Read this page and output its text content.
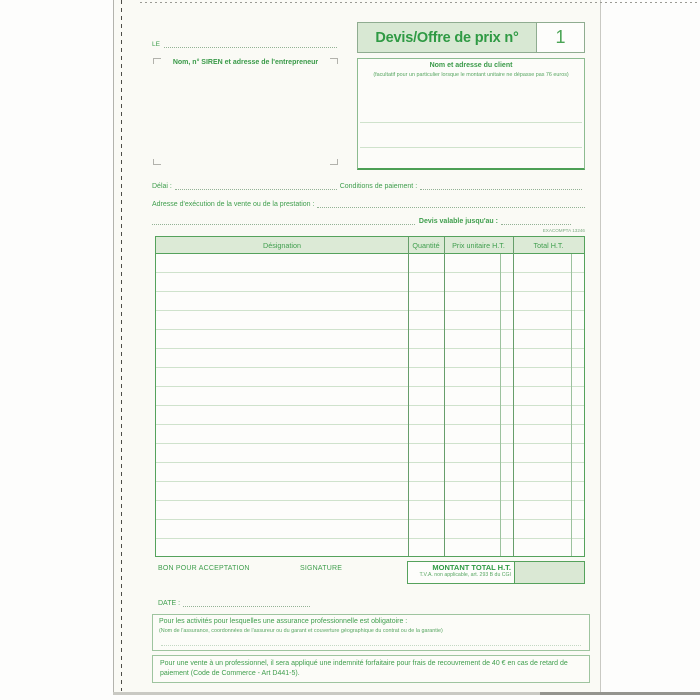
LE
Nom, n° SIREN et adresse de l'entrepreneur
Devis/Offre de prix n° 1
Nom et adresse du client
(facultatif pour un particulier lorsque le montant unitaire ne dépasse pas 76 euros)
Délai :	Conditions de paiement :
Adresse d'exécution de la vente ou de la prestation :
Devis valable jusqu'au :
EXACOMPTA 13246
Désignation	Quantité	Prix unitaire H.T.	Total H.T.
BON POUR ACCEPTATION	SIGNATURE	MONTANT TOTAL H.T.
T.V.A. non applicable, art. 293 B du CGI
DATE :
Pour les activités pour lesquelles une assurance professionnelle est obligatoire :
(Nom de l'assurance, coordonnées de l'assureur ou du garant et couverture géographique du contrat ou de la garantie)
Pour une vente à un professionnel, il sera appliqué une indemnité forfaitaire pour frais de recouvrement de 40 € en cas de retard de paiement (Code de Commerce - Art D441-5).
